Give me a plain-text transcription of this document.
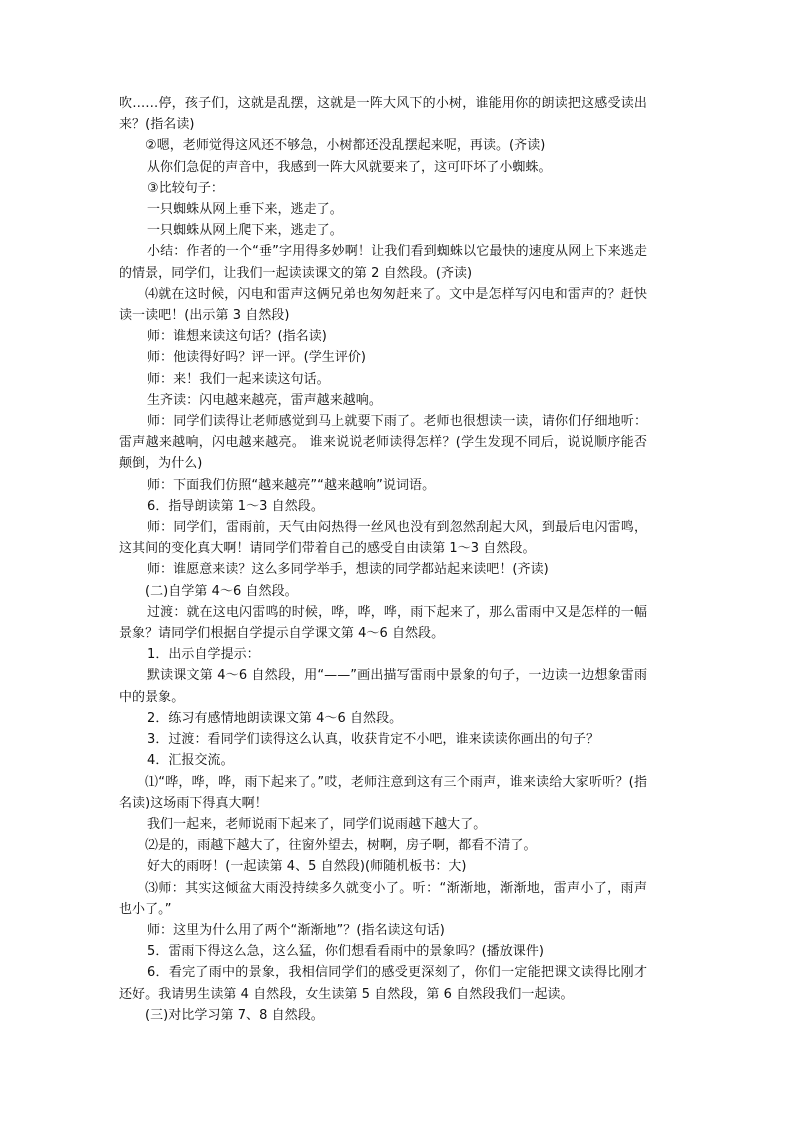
吹……停，孩子们，这就是乱摆，这就是一阵大风下的小树，谁能用你的朗读把这感受读出来？(指名读)

②嗯，老师觉得这风还不够急，小树都还没乱摆起来呢，再读。(齐读)

从你们急促的声音中，我感到一阵大风就要来了，这可吓坏了小蜘蛛。

③比较句子：

一只蜘蛛从网上垂下来，逃走了。

一只蜘蛛从网上爬下来，逃走了。

小结：作者的一个“垂”字用得多妙啊！让我们看到蜘蛛以它最快的速度从网上下来逃走的情景，同学们，让我们一起读读课文的第 2 自然段。(齐读)

⑷就在这时候，闪电和雷声这俩兄弟也匆匆赶来了。文中是怎样写闪电和雷声的？赶快读一读吧！(出示第 3 自然段)

师：谁想来读这句话？(指名读)

师：他读得好吗？评一评。(学生评价)

师：来！我们一起来读这句话。

生齐读：闪电越来越亮，雷声越来越响。

师：同学们读得让老师感觉到马上就要下雨了。老师也很想读一读，请你们仔细地听：雷声越来越响，闪电越来越亮。 谁来说说老师读得怎样？(学生发现不同后，说说顺序能否颠倒，为什么)

师：下面我们仿照“越来越亮”“越来越响”说词语。

6．指导朗读第 1～3 自然段。

师：同学们，雷雨前，天气由闷热得一丝风也没有到忽然刮起大风，到最后电闪雷鸣，这其间的变化真大啊！请同学们带着自己的感受自由读第 1～3 自然段。

师：谁愿意来读？这么多同学举手，想读的同学都站起来读吧！(齐读)

(二)自学第 4～6 自然段。

过渡：就在这电闪雷鸣的时候，哗，哗，哗，雨下起来了，那么雷雨中又是怎样的一幅景象？请同学们根据自学提示自学课文第 4～6 自然段。

1．出示自学提示：

默读课文第 4～6 自然段，用“——”画出描写雷雨中景象的句子，一边读一边想象雷雨中的景象。

2．练习有感情地朗读课文第 4～6 自然段。

3．过渡：看同学们读得这么认真，收获肯定不小吧，谁来读读你画出的句子？

4．汇报交流。

⑴“哗，哗，哗，雨下起来了。”哎，老师注意到这有三个雨声，谁来读给大家听听？(指名读)这场雨下得真大啊！

我们一起来，老师说雨下起来了，同学们说雨越下越大了。

⑵是的，雨越下越大了，往窗外望去，树啊，房子啊，都看不清了。

好大的雨呀！(一起读第 4、5 自然段)(师随机板书：大)

⑶师：其实这倾盆大雨没持续多久就变小了。听：“渐渐地，渐渐地，雷声小了，雨声也小了。”

师：这里为什么用了两个“渐渐地”？(指名读这句话)

5．雷雨下得这么急，这么猛，你们想看看雨中的景象吗？(播放课件)

6．看完了雨中的景象，我相信同学们的感受更深刻了，你们一定能把课文读得比刚才还好。我请男生读第 4 自然段，女生读第 5 自然段，第 6 自然段我们一起读。

(三)对比学习第 7、8 自然段。
